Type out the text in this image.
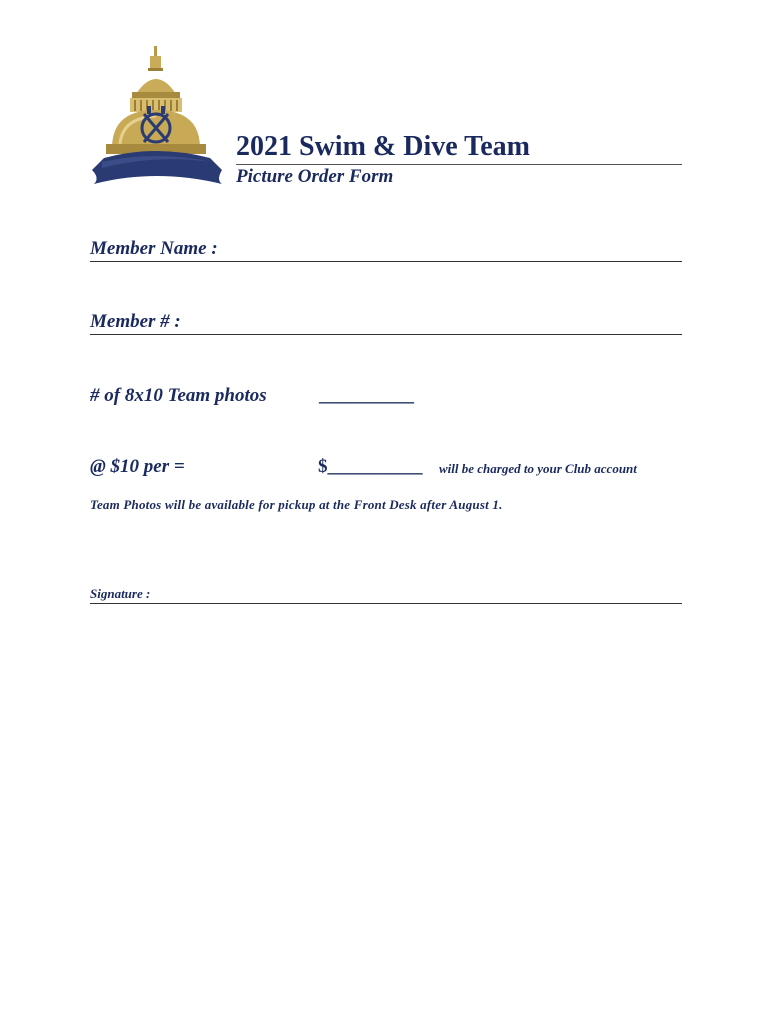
2021 Swim & Dive Team
Picture Order Form
Member Name :
Member # :
# of 8x10 Team photos	__________
@ $10 per =	$__________ will be charged to your Club account
Team Photos will be available for pickup at the Front Desk after August 1.
Signature :
